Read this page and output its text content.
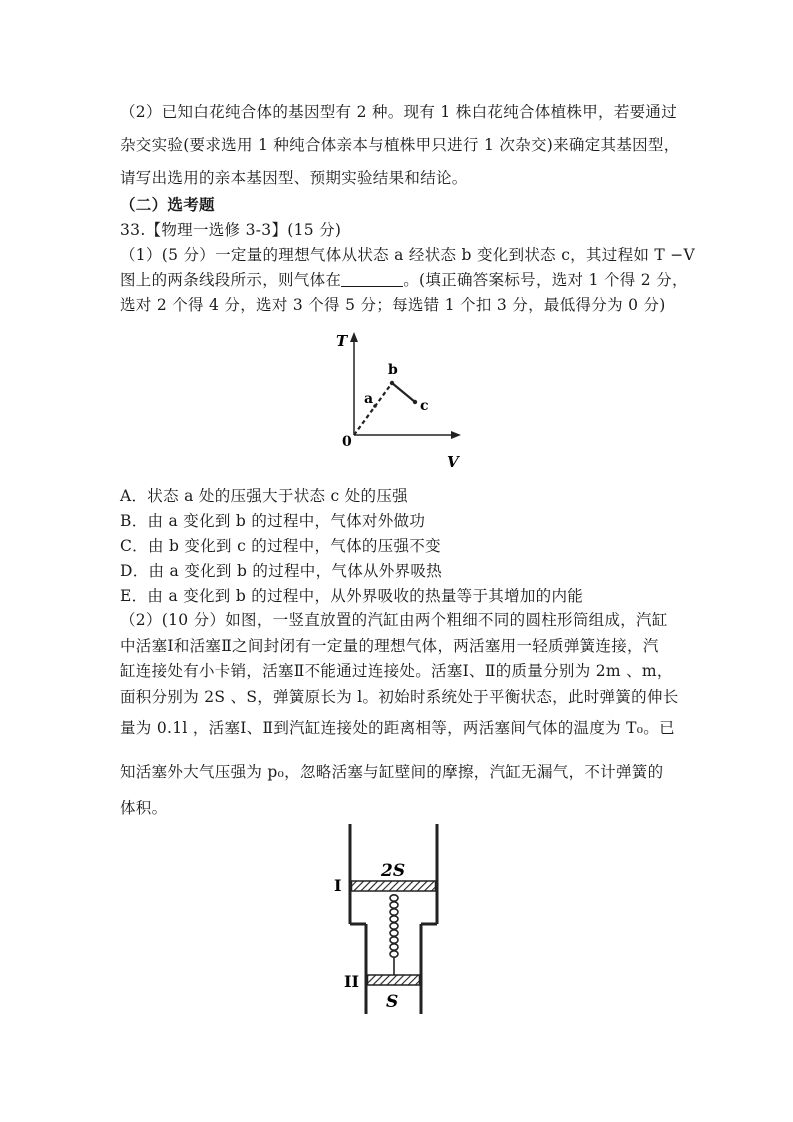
（2）已知白花纯合体的基因型有 2 种。现有 1 株白花纯合体植株甲，若要通过
杂交实验(要求选用 1 种纯合体亲本与植株甲只进行 1 次杂交)来确定其基因型，
请写出选用的亲本基因型、预期实验结果和结论。
（二）选考题
33.【物理一选修 3-3】(15 分)
（1）(5 分）一定量的理想气体从状态 a 经状态 b 变化到状态 c，其过程如 T −V
图上的两条线段所示，则气体在	。(填正确答案标号，选对 1 个得 2 分，
选对 2 个得 4 分，选对 3 个得 5 分；每选错 1 个扣 3 分，最低得分为 0 分)
T
V
0
a
b
c
A．状态 a 处的压强大于状态 c 处的压强
B．由 a 变化到 b 的过程中，气体对外做功
C．由 b 变化到 c 的过程中，气体的压强不变
D．由 a 变化到 b 的过程中，气体从外界吸热
E．由 a 变化到 b 的过程中，从外界吸收的热量等于其增加的内能
（2）(10 分）如图，一竖直放置的汽缸由两个粗细不同的圆柱形筒组成，汽缸
中活塞Ⅰ和活塞Ⅱ之间封闭有一定量的理想气体，两活塞用一轻质弹簧连接，汽
缸连接处有小卡销，活塞Ⅱ不能通过连接处。活塞Ⅰ、Ⅱ的质量分别为 2m 、m，
面积分别为 2S 、S，弹簧原长为 l。初始时系统处于平衡状态，此时弹簧的伸长
量为 0.1l ，活塞Ⅰ、Ⅱ到汽缸连接处的距离相等，两活塞间气体的温度为 T₀。已
知活塞外大气压强为 p₀，忽略活塞与缸壁间的摩擦，汽缸无漏气，不计弹簧的
体积。
2S
S
I
II
